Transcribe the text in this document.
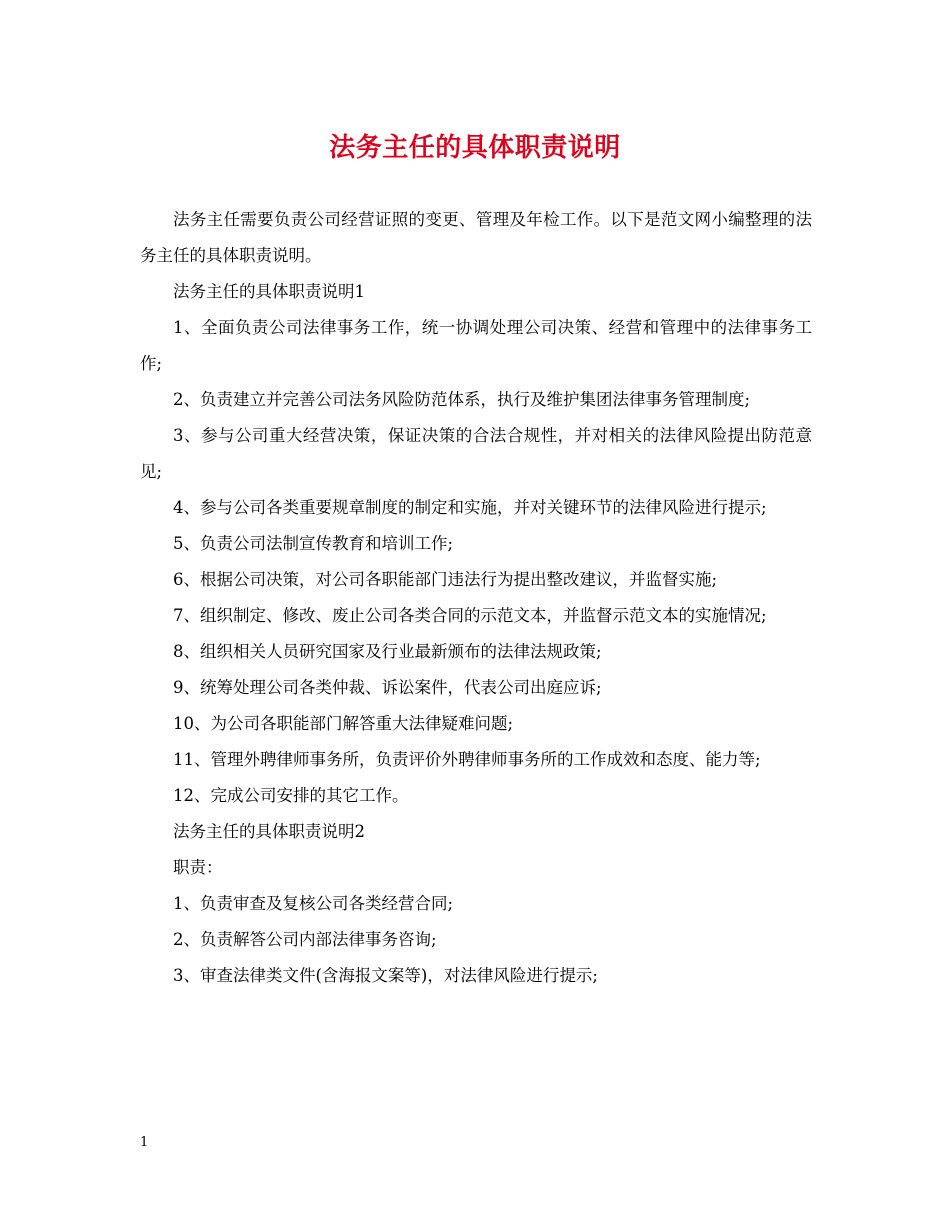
法务主任的具体职责说明

法务主任需要负责公司经营证照的变更、管理及年检工作。以下是范文网小编整理的法务主任的具体职责说明。

法务主任的具体职责说明1

1、全面负责公司法律事务工作，统一协调处理公司决策、经营和管理中的法律事务工作;

2、负责建立并完善公司法务风险防范体系，执行及维护集团法律事务管理制度;

3、参与公司重大经营决策，保证决策的合法合规性，并对相关的法律风险提出防范意见;

4、参与公司各类重要规章制度的制定和实施，并对关键环节的法律风险进行提示;

5、负责公司法制宣传教育和培训工作;

6、根据公司决策，对公司各职能部门违法行为提出整改建议，并监督实施;

7、组织制定、修改、废止公司各类合同的示范文本，并监督示范文本的实施情况;

8、组织相关人员研究国家及行业最新颁布的法律法规政策;

9、统筹处理公司各类仲裁、诉讼案件，代表公司出庭应诉;

10、为公司各职能部门解答重大法律疑难问题;

11、管理外聘律师事务所，负责评价外聘律师事务所的工作成效和态度、能力等;

12、完成公司安排的其它工作。

法务主任的具体职责说明2

职责：

1、负责审查及复核公司各类经营合同;

2、负责解答公司内部法律事务咨询;

3、审查法律类文件(含海报文案等)，对法律风险进行提示;

1
